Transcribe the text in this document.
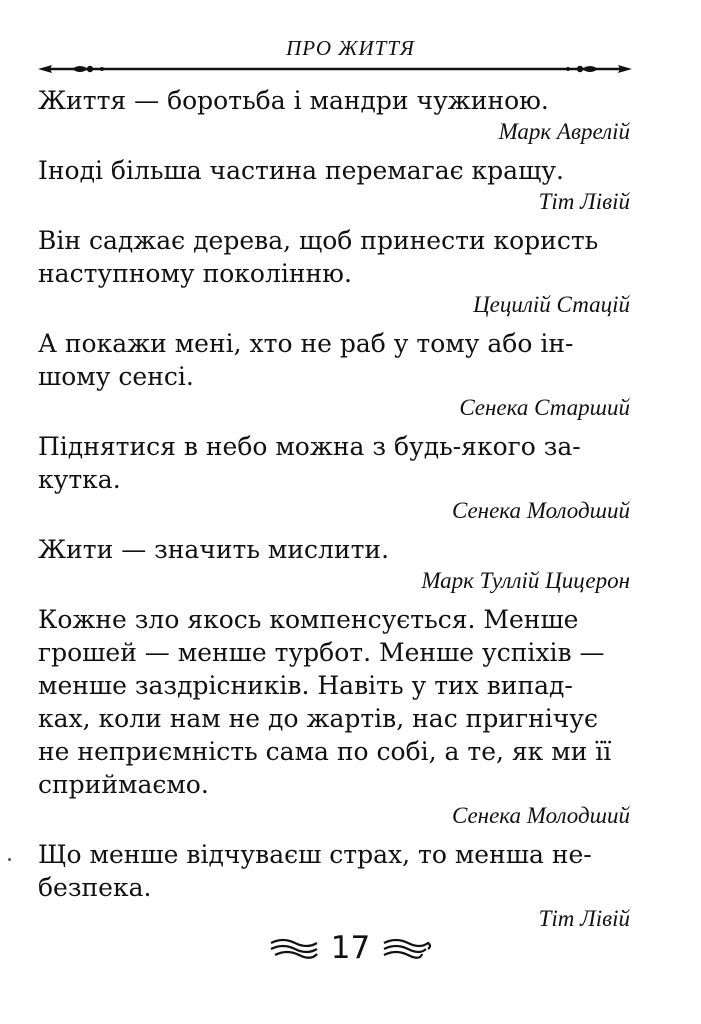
ПРО ЖИТТЯ

Життя — боротьба і мандри чужиною.

Марк Аврелій

Іноді більша частина перемагає кращу.

Тіт Лівій

Він саджає дерева, щоб принести користь
наступному поколінню.

Цецилій Стацій

А покажи мені, хто не раб у тому або ін-
шому сенсі.

Сенека Старший

Піднятися в небо можна з будь-якого за-
кутка.

Сенека Молодший

Жити — значить мислити.

Марк Туллій Цицерон

Кожне зло якось компенсується. Менше
грошей — менше турбот. Менше успіхів —
менше заздрісників. Навіть у тих випад-
ках, коли нам не до жартів, нас пригнічує
не неприємність сама по собі, а те, як ми її
сприймаємо.

Сенека Молодший

Що менше відчуваєш страх, то менша не-
безпека.

Тіт Лівій

17
